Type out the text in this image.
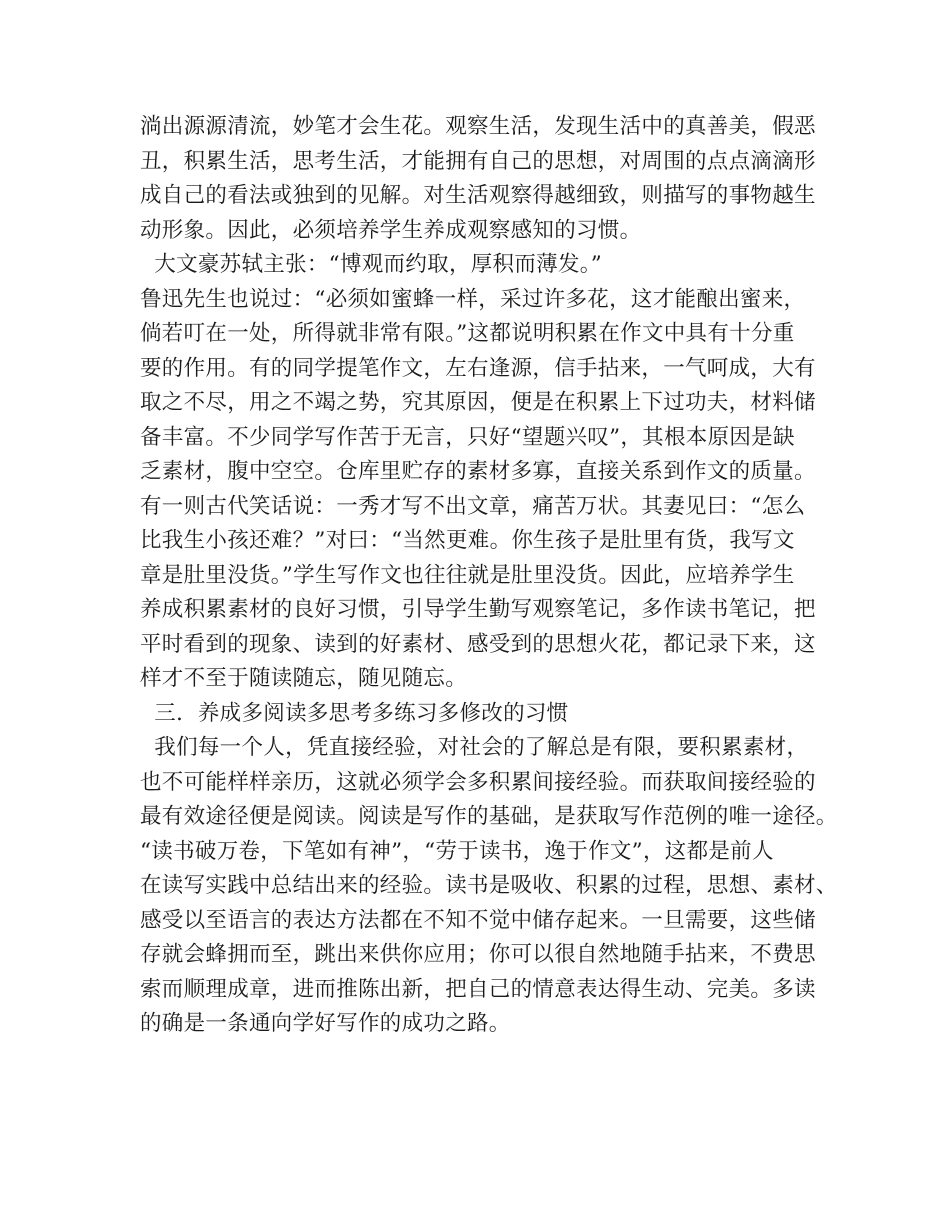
淌出源源清流，妙笔才会生花。观察生活，发现生活中的真善美，假恶
丑，积累生活，思考生活，才能拥有自己的思想，对周围的点点滴滴形
成自己的看法或独到的见解。对生活观察得越细致，则描写的事物越生
动形象。因此，必须培养学生养成观察感知的习惯。
大文豪苏轼主张：“博观而约取，厚积而薄发。”
鲁迅先生也说过：“必须如蜜蜂一样，采过许多花，这才能酿出蜜来，
倘若叮在一处，所得就非常有限。”这都说明积累在作文中具有十分重
要的作用。有的同学提笔作文，左右逢源，信手拈来，一气呵成，大有
取之不尽，用之不竭之势，究其原因，便是在积累上下过功夫，材料储
备丰富。不少同学写作苦于无言，只好“望题兴叹”，其根本原因是缺
乏素材，腹中空空。仓库里贮存的素材多寡，直接关系到作文的质量。
有一则古代笑话说：一秀才写不出文章，痛苦万状。其妻见曰：“怎么
比我生小孩还难？”对曰：“当然更难。你生孩子是肚里有货，我写文
章是肚里没货。”学生写作文也往往就是肚里没货。因此，应培养学生
养成积累素材的良好习惯，引导学生勤写观察笔记，多作读书笔记，把
平时看到的现象、读到的好素材、感受到的思想火花，都记录下来，这
样才不至于随读随忘，随见随忘。
三．养成多阅读多思考多练习多修改的习惯
我们每一个人，凭直接经验，对社会的了解总是有限，要积累素材，
也不可能样样亲历，这就必须学会多积累间接经验。而获取间接经验的
最有效途径便是阅读。阅读是写作的基础，是获取写作范例的唯一途径。
“读书破万卷，下笔如有神”，“劳于读书，逸于作文”，这都是前人
在读写实践中总结出来的经验。读书是吸收、积累的过程，思想、素材、
感受以至语言的表达方法都在不知不觉中储存起来。一旦需要，这些储
存就会蜂拥而至，跳出来供你应用；你可以很自然地随手拈来，不费思
索而顺理成章，进而推陈出新，把自己的情意表达得生动、完美。多读
的确是一条通向学好写作的成功之路。
